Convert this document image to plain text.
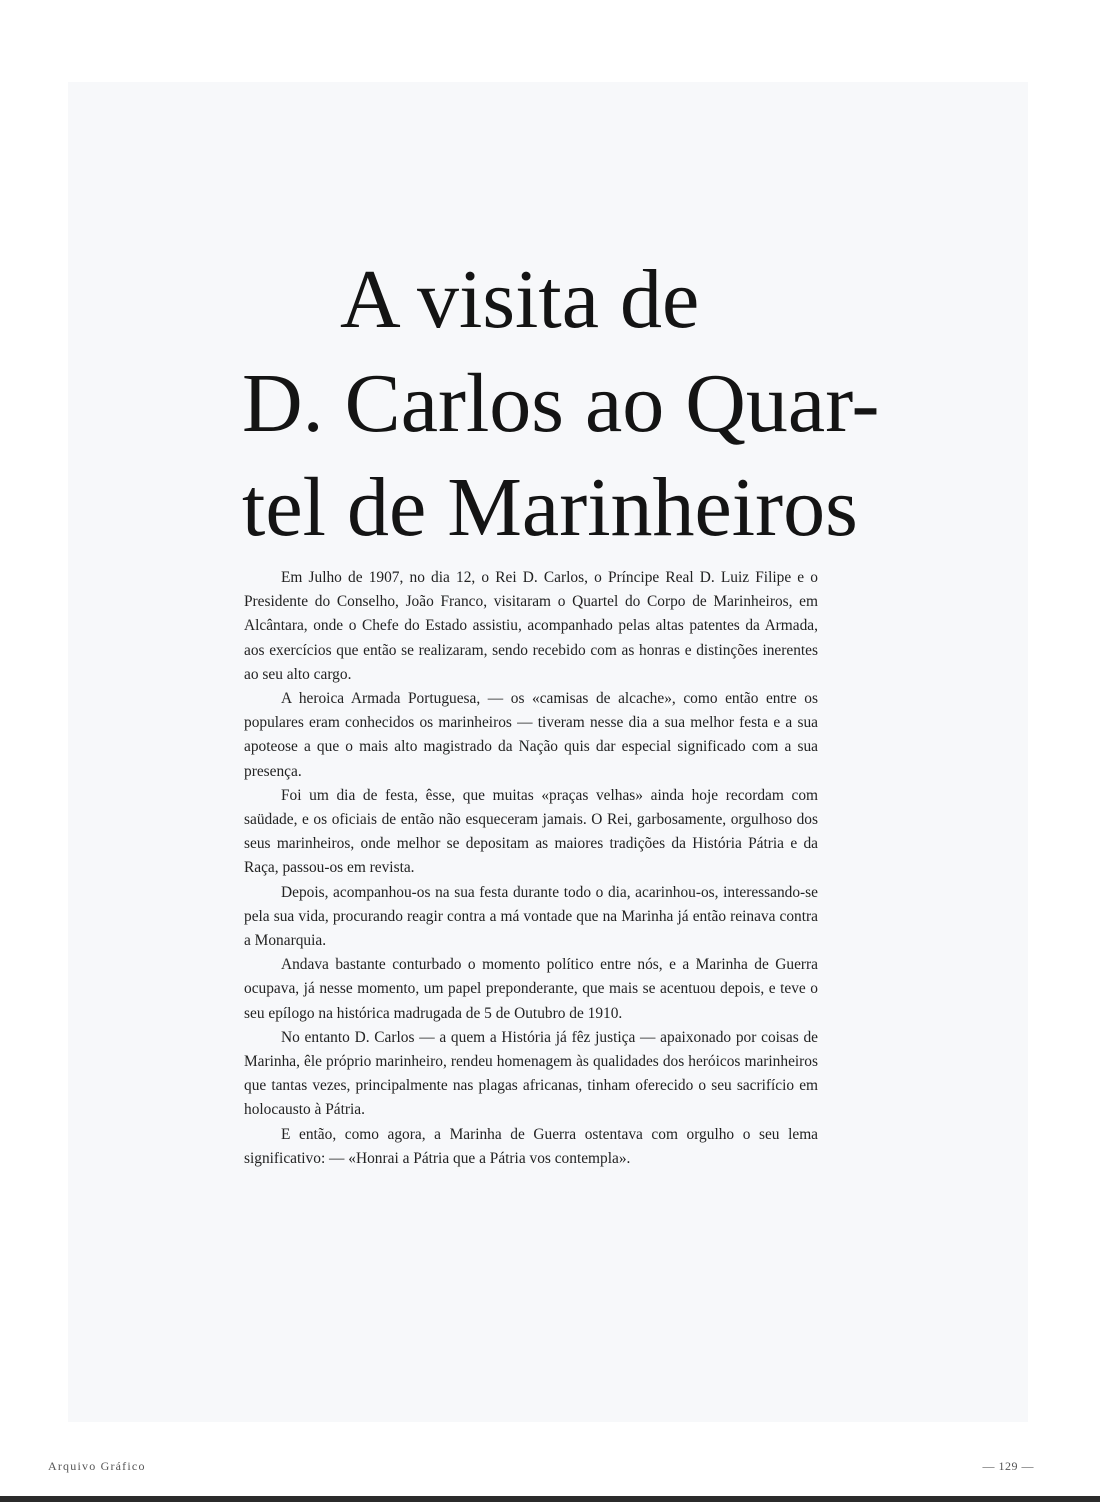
A visita de
D. Carlos ao Quar-
tel de Marinheiros

Em Julho de 1907, no dia 12, o Rei D. Carlos, o Príncipe Real D. Luiz Filipe e o Presidente do Conselho, João Franco, visitaram o Quartel do Corpo de Marinheiros, em Alcântara, onde o Chefe do Estado assistiu, acompanhado pelas altas patentes da Armada, aos exercícios que então se realizaram, sendo recebido com as honras e distinções inerentes ao seu alto cargo.

A heroica Armada Portuguesa, — os «camisas de alcache», como então entre os populares eram conhecidos os marinheiros — tiveram nesse dia a sua melhor festa e a sua apoteose a que o mais alto magistrado da Nação quis dar especial significado com a sua presença.

Foi um dia de festa, êsse, que muitas «praças velhas» ainda hoje recordam com saüdade, e os oficiais de então não esqueceram jamais. O Rei, garbosamente, orgulhoso dos seus marinheiros, onde melhor se depositam as maiores tradições da História Pátria e da Raça, passou-os em revista.

Depois, acompanhou-os na sua festa durante todo o dia, acarinhou-os, interessando-se pela sua vida, procurando reagir contra a má vontade que na Marinha já então reinava contra a Monarquia.

Andava bastante conturbado o momento político entre nós, e a Marinha de Guerra ocupava, já nesse momento, um papel preponderante, que mais se acentuou depois, e teve o seu epílogo na histórica madrugada de 5 de Outubro de 1910.

No entanto D. Carlos — a quem a História já fêz justiça — apaixonado por coisas de Marinha, êle próprio marinheiro, rendeu homenagem às qualidades dos heróicos marinheiros que tantas vezes, principalmente nas plagas africanas, tinham oferecido o seu sacrifício em holocausto à Pátria.

E então, como agora, a Marinha de Guerra ostentava com orgulho o seu lema significativo: — «Honrai a Pátria que a Pátria vos contempla».

Arquivo Gráfico	— 129 —
